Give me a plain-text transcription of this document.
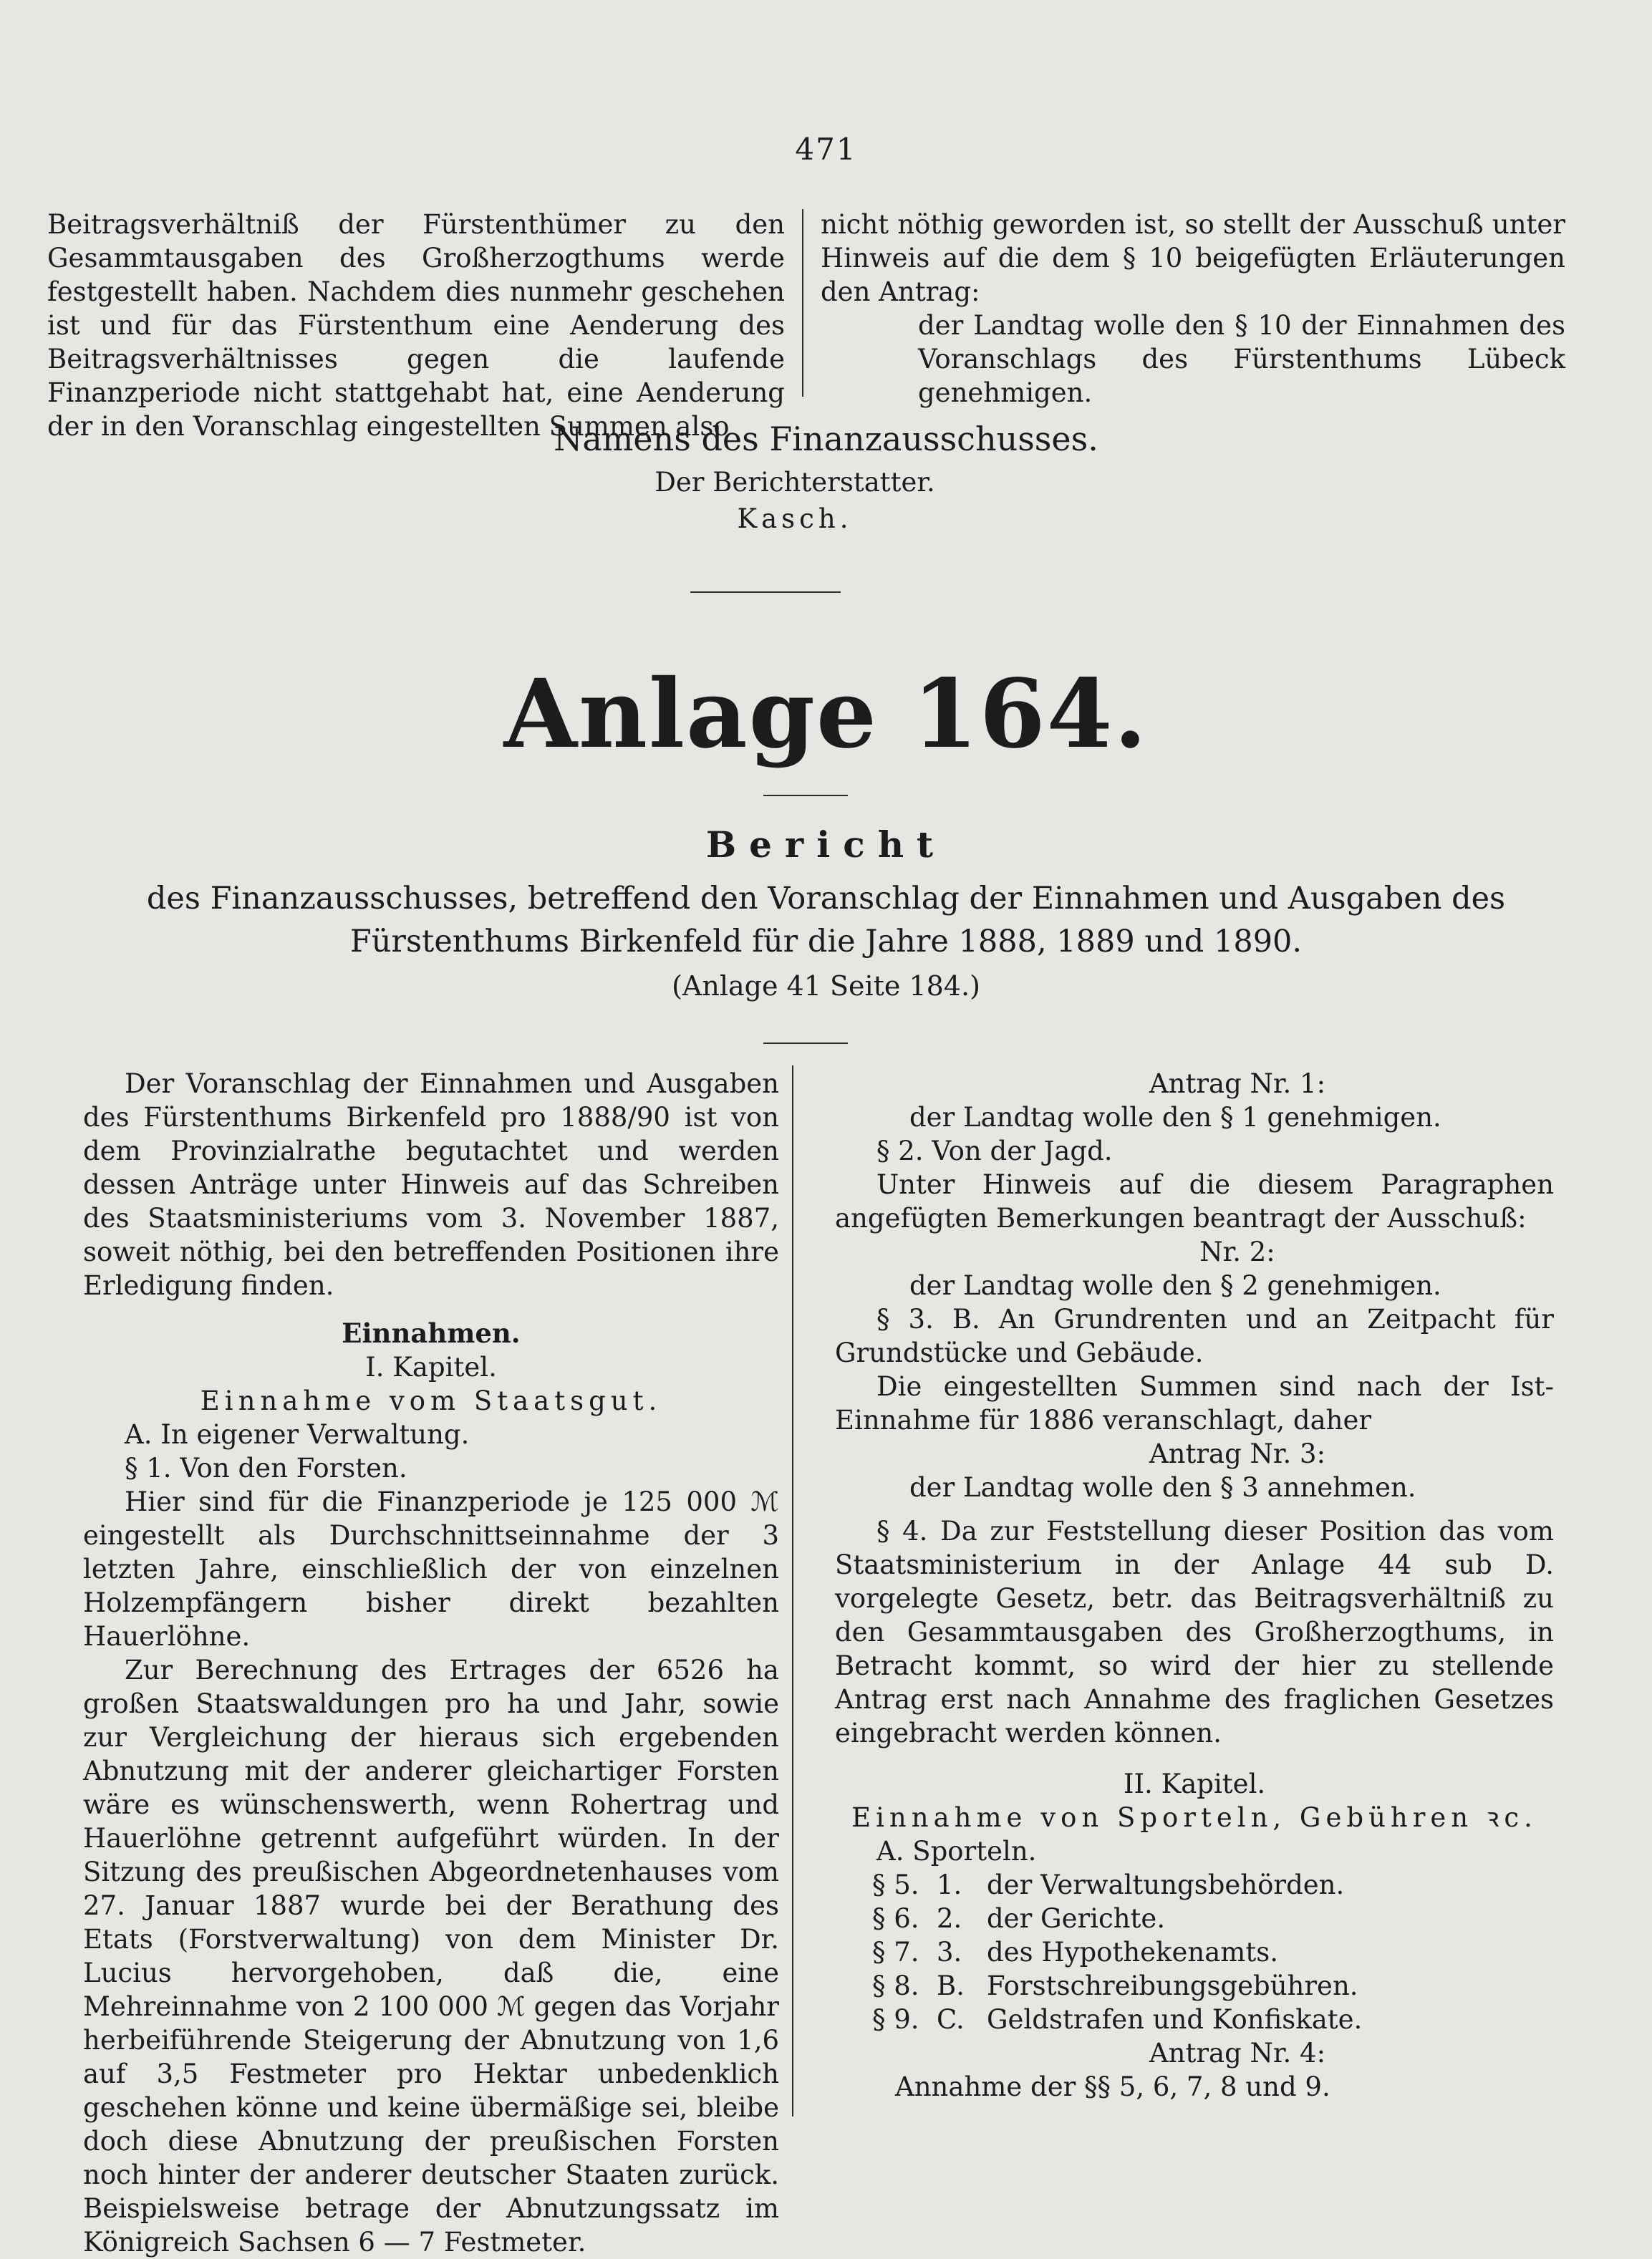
471

Beitragsverhältniß der Fürstenthümer zu den Gesammtausgaben des Großherzogthums werde festgestellt haben. Nachdem dies nunmehr geschehen ist und für das Fürstenthum eine Aenderung des Beitragsverhältnisses gegen die laufende Finanzperiode nicht stattgehabt hat, eine Aenderung der in den Voranschlag eingestellten Summen also

nicht nöthig geworden ist, so stellt der Ausschuß unter Hinweis auf die dem § 10 beigefügten Erläuterungen den Antrag:

der Landtag wolle den § 10 der Einnahmen des Voranschlags des Fürstenthums Lübeck genehmigen.

Namens des Finanzausschusses.
Der Berichterstatter.
Kasch.
Anlage 164.
Bericht
des Finanzausschusses, betreffend den Voranschlag der Einnahmen und Ausgaben des Fürstenthums Birkenfeld für die Jahre 1888, 1889 und 1890.
(Anlage 41 Seite 184.)

Der Voranschlag der Einnahmen und Ausgaben des Fürstenthums Birkenfeld pro 1888/90 ist von dem Provinzialrathe begutachtet und werden dessen Anträge unter Hinweis auf das Schreiben des Staatsministeriums vom 3. November 1887, soweit nöthig, bei den betreffenden Positionen ihre Erledigung finden.

Einnahmen.

I. Kapitel.

Einnahme vom Staatsgut.

A. In eigener Verwaltung.

§ 1. Von den Forsten.

Hier sind für die Finanzperiode je 125 000 ℳ eingestellt als Durchschnittseinnahme der 3 letzten Jahre, einschließlich der von einzelnen Holzempfängern bisher direkt bezahlten Hauerlöhne.

Zur Berechnung des Ertrages der 6526 ha großen Staatswaldungen pro ha und Jahr, sowie zur Vergleichung der hieraus sich ergebenden Abnutzung mit der anderer gleichartiger Forsten wäre es wünschenswerth, wenn Rohertrag und Hauerlöhne getrennt aufgeführt würden. In der Sitzung des preußischen Abgeordnetenhauses vom 27. Januar 1887 wurde bei der Berathung des Etats (Forstverwaltung) von dem Minister Dr. Lucius hervorgehoben, daß die, eine Mehreinnahme von 2 100 000 ℳ gegen das Vorjahr herbeiführende Steigerung der Abnutzung von 1,6 auf 3,5 Festmeter pro Hektar unbedenklich geschehen könne und keine übermäßige sei, bleibe doch diese Abnutzung der preußischen Forsten noch hinter der anderer deutscher Staaten zurück. Beispielsweise betrage der Abnutzungssatz im Königreich Sachsen 6 — 7 Festmeter.

Antrag Nr. 1:

der Landtag wolle den § 1 genehmigen.

§ 2. Von der Jagd.

Unter Hinweis auf die diesem Paragraphen angefügten Bemerkungen beantragt der Ausschuß:

Nr. 2:

der Landtag wolle den § 2 genehmigen.

§ 3. B. An Grundrenten und an Zeitpacht für Grundstücke und Gebäude.

Die eingestellten Summen sind nach der Ist-Einnahme für 1886 veranschlagt, daher

Antrag Nr. 3:

der Landtag wolle den § 3 annehmen.

§ 4. Da zur Feststellung dieser Position das vom Staatsministerium in der Anlage 44 sub D. vorgelegte Gesetz, betr. das Beitragsverhältniß zu den Gesammtausgaben des Großherzogthums, in Betracht kommt, so wird der hier zu stellende Antrag erst nach Annahme des fraglichen Gesetzes eingebracht werden können.

II. Kapitel.

Einnahme von Sporteln, Gebühren ꝛc.

A. Sporteln.

§ 5. 1. der Verwaltungsbehörden.
§ 6. 2. der Gerichte.
§ 7. 3. des Hypothekenamts.
§ 8. B. Forstschreibungsgebühren.
§ 9. C. Geldstrafen und Konfiskate.

Antrag Nr. 4:

Annahme der §§ 5, 6, 7, 8 und 9.
